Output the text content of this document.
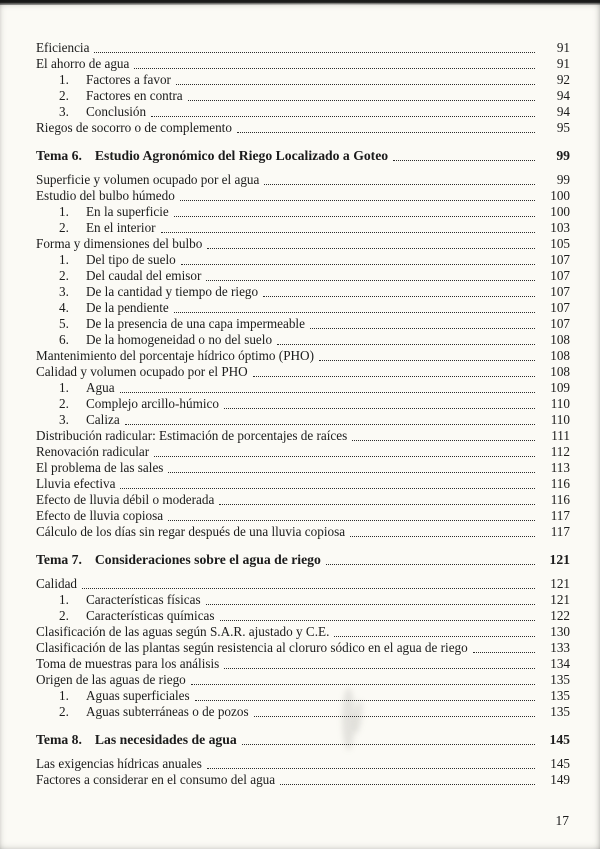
Eficiencia	91
El ahorro de agua	91
1.	Factores a favor	92
2.	Factores en contra	94
3.	Conclusión	94
Riegos de socorro o de complemento	95
Tema 6. Estudio Agronómico del Riego Localizado a Goteo	99
Superficie y volumen ocupado por el agua	99
Estudio del bulbo húmedo	100
1.	En la superficie	100
2.	En el interior	103
Forma y dimensiones del bulbo	105
1.	Del tipo de suelo	107
2.	Del caudal del emisor	107
3.	De la cantidad y tiempo de riego	107
4.	De la pendiente	107
5.	De la presencia de una capa impermeable	107
6.	De la homogeneidad o no del suelo	108
Mantenimiento del porcentaje hídrico óptimo (PHO)	108
Calidad y volumen ocupado por el PHO	108
1.	Agua	109
2.	Complejo arcillo-húmico	110
3.	Caliza	110
Distribución radicular: Estimación de porcentajes de raíces	111
Renovación radicular	112
El problema de las sales	113
Lluvia efectiva	116
Efecto de lluvia débil o moderada	116
Efecto de lluvia copiosa	117
Cálculo de los días sin regar después de una lluvia copiosa	117
Tema 7. Consideraciones sobre el agua de riego	121
Calidad	121
1.	Características físicas	121
2.	Características químicas	122
Clasificación de las aguas según S.A.R. ajustado y C.E.	130
Clasificación de las plantas según resistencia al cloruro sódico en el agua de riego	133
Toma de muestras para los análisis	134
Origen de las aguas de riego	135
1.	Aguas superficiales	135
2.	Aguas subterráneas o de pozos	135
Tema 8. Las necesidades de agua	145
Las exigencias hídricas anuales	145
Factores a considerar en el consumo del agua	149
17
